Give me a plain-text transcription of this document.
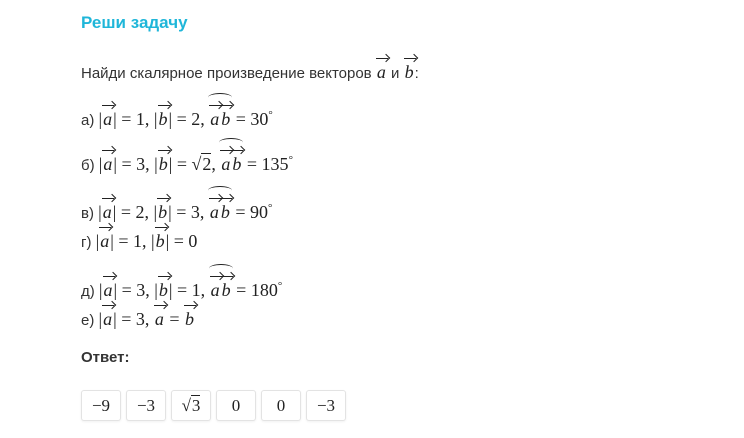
Реши задачу
Найди скалярное произведение векторов
a
и
b :
а)
|a| = 1, |b| = 2, a b = 30°
б)
|a| = 3, |b| = √2, a b = 135°
в)
|a| = 2, |b| = 3, a b = 90°
г)
|a| = 1, |b| = 0
д)
|a| = 3, |b| = 1, a b = 180°
е)
|a| = 3, a = b
Ответ:
−9 −3 √3 0 0 −3
